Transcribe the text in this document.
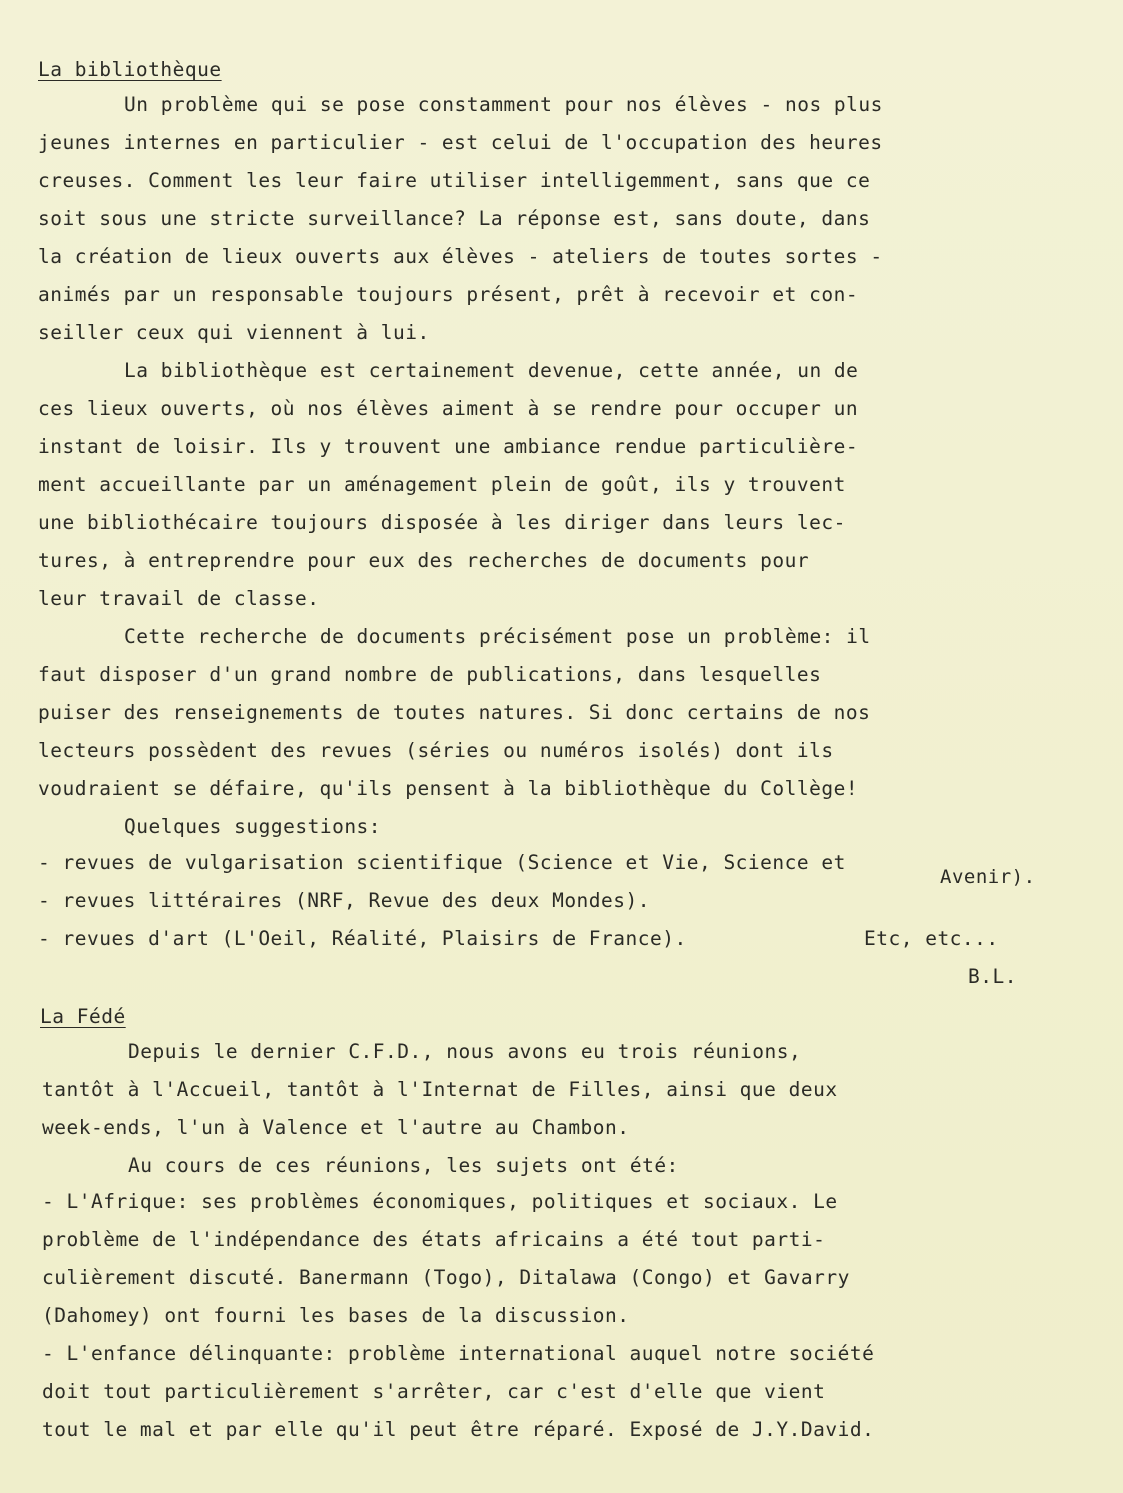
La bibliothèque
Un problème qui se pose constamment pour nos élèves - nos plus
jeunes internes en particulier - est celui de l'occupation des heures
creuses. Comment les leur faire utiliser intelligemment, sans que ce
soit sous une stricte surveillance? La réponse est, sans doute, dans
la création de lieux ouverts aux élèves - ateliers de toutes sortes -
animés par un responsable toujours présent, prêt à recevoir et con-
seiller ceux qui viennent à lui.
La bibliothèque est certainement devenue, cette année, un de
ces lieux ouverts, où nos élèves aiment à se rendre pour occuper un
instant de loisir. Ils y trouvent une ambiance rendue particulière-
ment accueillante par un aménagement plein de goût, ils y trouvent
une bibliothécaire toujours disposée à les diriger dans leurs lec-
tures, à entreprendre pour eux des recherches de documents pour
leur travail de classe.
Cette recherche de documents précisément pose un problème: il
faut disposer d'un grand nombre de publications, dans lesquelles
puiser des renseignements de toutes natures. Si donc certains de nos
lecteurs possèdent des revues (séries ou numéros isolés) dont ils
voudraient se défaire, qu'ils pensent à la bibliothèque du Collège!
Quelques suggestions:
- revues de vulgarisation scientifique (Science et Vie, Science et
Avenir).
- revues littéraires (NRF, Revue des deux Mondes).
- revues d'art (L'Oeil, Réalité, Plaisirs de France).	Etc, etc...
B.L.
La Fédé
Depuis le dernier C.F.D., nous avons eu trois réunions,
tantôt à l'Accueil, tantôt à l'Internat de Filles, ainsi que deux
week-ends, l'un à Valence et l'autre au Chambon.
Au cours de ces réunions, les sujets ont été:
- L'Afrique: ses problèmes économiques, politiques et sociaux. Le
problème de l'indépendance des états africains a été tout parti-
culièrement discuté. Banermann (Togo), Ditalawa (Congo) et Gavarry
(Dahomey) ont fourni les bases de la discussion.
- L'enfance délinquante: problème international auquel notre société
doit tout particulièrement s'arrêter, car c'est d'elle que vient
tout le mal et par elle qu'il peut être réparé. Exposé de J.Y.David.
